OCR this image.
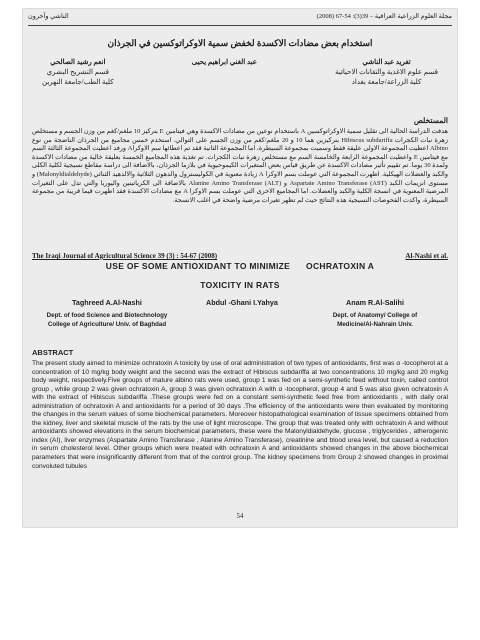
مجلة العلوم الزراعية العراقية – 39(3): 54-67 (2008)
الناشي وآخرون
استخدام بعض مضادات الاكسدة لخفض سمية الاوكراتوكسين في الجرذان
تغريد عبد الناشي
قسم علوم الاغذية والتقانات الاحيائية
كلية الزراعة/جامعة بغداد
عبد الغني ابراهيم يحيى
انعم رشيد الصالحي
قسم التشريح البشري
كلية الطب/جامعة النهرين
المستخلص
هدفت الدراسة الحالية الى تقليل سمية الاوكراتوكسين A باستخدام نوعين من مضادات الاكسدة وهي فيتامين E بتركيز 10 ملغم/كغم من وزن الجسم و مستخلص زهرة نبات الكجرات Hibiscus subdariffa بتركيزين هما 10 و 20 ملغم/كغم من وزن الجسم على التوالي. استخدم خمس مجاميع من الجرذان الناضجة من نوع Albino اعطيت المجموعة الاولى عليقة فقط وسميت بمجموعة السيطرة، اما المجموعة الثانية فقد تم اعطائها سم الاوكراA ورفد اعطيت المجموعة الثالثة السم مع فيتامين E واعطيت المجموعة الرابعة والخامسة السم مع مستخلص زهرة نبات الكجرات. تم تغذية هذه المجاميع الخمسة بعليقة خالية من مضادات الاكسدة ولمدة 30 يوما. تم تقييم تأثير مضادات الاكسدة عن طريق قياس بعض المتغيرات الكيموحيوية في بلازما الجرذان، بالاضافة الى دراسة مقاطع نسيجية لكلية الكلى والكبد والعضلات الهيكلية. اظهرت المجموعة التي عوملت بسم الاوكرا A زيادة معنوية في الكوليسترول والدهون الثلاثية والالدهيد الثنائي (Malonyldialdehyde) و مستوى انزيمات الكبد Aspartate Amino Transferase (AST) و Alanine Amino Transferase (ALT) بالاضافة الى الكرياتينين واليوريا والتي تدل على التغيرات المرضية المعنوية في انسجة الكلية والكبد والعضلات. اما المجاميع الاخرى التي عوملت بسم الاوكرا A مع مضادات الاكسدة فقد اظهرت قيما قريبة من مجموعة السيطرة، واكدت الفحوصات النسيجية هذه النتائج حيث لم تظهر تغيرات مرضية واضحة في اغلب الانسجة.
The Iraqi Journal of Agricultural Science 39 (3) : 54-67 (2008)	Al-Nashi et al.
USE OF SOME ANTIOXIDANT TO MINIMIZE      OCHRATOXIN A
TOXICITY IN RATS
Taghreed A.Al-Nashi
Dept. of food Science and Biotechnology
College of Agriculture/ Univ. of Baghdad
Abdul -Ghani I.Yahya	Anam R.Al-Salihi
Dept. of Anatomy/ College of
Medicine/Al-Nahrain Univ.
ABSTRACT
The present study aimed to minimize ochratoxin A toxicity by use of oral administration of two types of antioxidants, first was α -tocopherol at a concentration of 10 mg/kg body weight and the second was the extract of Hibiscus subdariffa at two concentrations 10 mg/kg and 20 mg/kg body weight, respectively.Five groups of mature albino rats were used, group 1 was fed on a semi-synthetic feed without toxin, called control group , while group 2 was given ochratoxin A, group 3 was given ochratoxin A with α -tocopherol, group 4 and 5 was also given ochratoxin A with the extract of Hibiscus subdariffa .These groups were fed on a constant semi-synthetic feed free from antioxidants , with daily oral administration of ochratoxin A and antioxidants for a period of 30 days .The efficiency of the antioxidants were then evaluated by monitoring the changes in the serum values of some biochemical parameters. Moreover histopathological examination of tissue specimens obtained from the kidney, liver and skeletal muscle of the rats by the use of light microscope. The group that was treated only with ochratoxin A and without antioxidants showed elevations in the serum biochemical parameters, these were the Malonyldialdehyde, glucose , triglycerides , atherogenic index (AI), liver enzymes (Aspartate Amino Transferase , Alanine Amino Transferase), creatinine and blood urea level, but caused a reduction in serum cholesterol level. Other groups which were treated with ochratoxin A and antioxidants showed changes in the above biochemical parameters that were insignificantly different from that of the control group. The kidney specimens from Group 2 showed changes in proximal convoluted tubules
54
